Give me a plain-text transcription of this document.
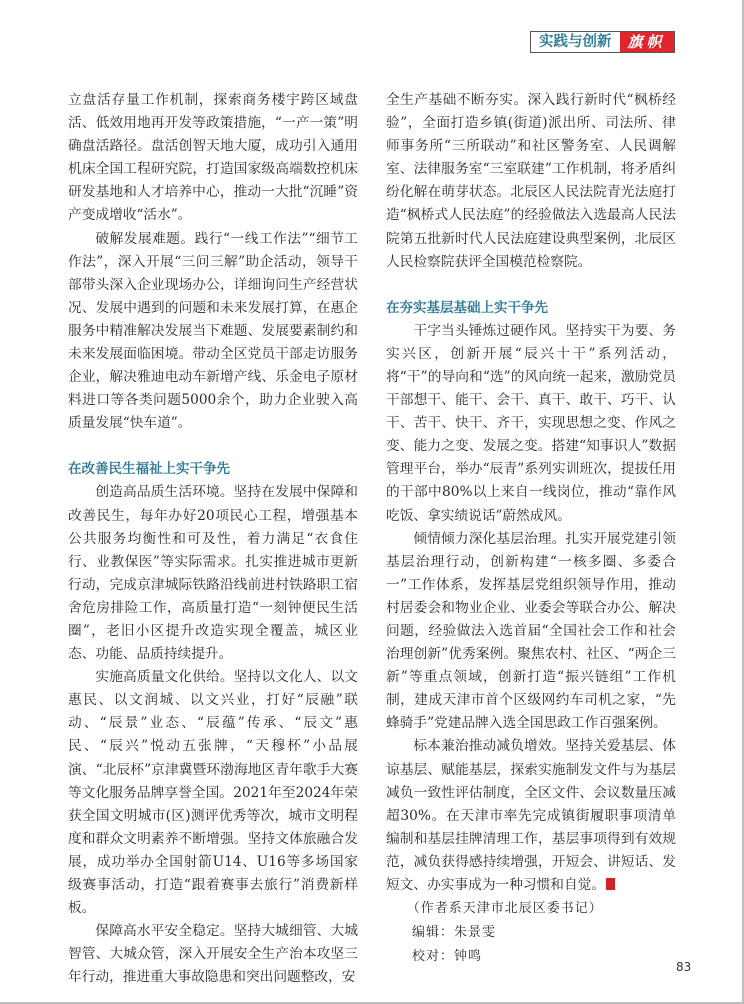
实践与创新	旗帜

立盘活存量工作机制，探索商务楼宇跨区域盘活、低效用地再开发等政策措施，“一产一策”明确盘活路径。盘活创智天地大厦，成功引入通用机床全国工程研究院，打造国家级高端数控机床研发基地和人才培养中心，推动一大批“沉睡”资产变成增收“活水”。

破解发展难题。践行“一线工作法”“细节工作法”，深入开展“三问三解”助企活动，领导干部带头深入企业现场办公，详细询问生产经营状况、发展中遇到的问题和未来发展打算，在惠企服务中精准解决发展当下难题、发展要素制约和未来发展面临困境。带动全区党员干部走访服务企业，解决雅迪电动车新增产线、乐金电子原材料进口等各类问题5000余个，助力企业驶入高质量发展“快车道”。

在改善民生福祉上实干争先

创造高品质生活环境。坚持在发展中保障和改善民生，每年办好20项民心工程，增强基本公共服务均衡性和可及性，着力满足“衣食住行、业教保医”等实际需求。扎实推进城市更新行动，完成京津城际铁路沿线前进村铁路职工宿舍危房排险工作，高质量打造“一刻钟便民生活圈”，老旧小区提升改造实现全覆盖，城区业态、功能、品质持续提升。

实施高质量文化供给。坚持以文化人、以文惠民、以文润城、以文兴业，打好“辰融”联动、“辰景”业态、“辰蕴”传承、“辰文”惠民、“辰兴”悦动五张牌，“天穆杯”小品展演、“北辰杯”京津冀暨环渤海地区青年歌手大赛等文化服务品牌享誉全国。2021年至2024年荣获全国文明城市(区)测评优秀等次，城市文明程度和群众文明素养不断增强。坚持文体旅融合发展，成功举办全国射箭U14、U16等多场国家级赛事活动，打造“跟着赛事去旅行”消费新样板。

保障高水平安全稳定。坚持大城细管、大城智管、大城众管，深入开展安全生产治本攻坚三年行动，推进重大事故隐患和突出问题整改，安

全生产基础不断夯实。深入践行新时代“枫桥经验”，全面打造乡镇(街道)派出所、司法所、律师事务所“三所联动”和社区警务室、人民调解室、法律服务室“三室联建”工作机制，将矛盾纠纷化解在萌芽状态。北辰区人民法院青光法庭打造“枫桥式人民法庭”的经验做法入选最高人民法院第五批新时代人民法庭建设典型案例，北辰区人民检察院获评全国模范检察院。

在夯实基层基础上实干争先

干字当头锤炼过硬作风。坚持实干为要、务实兴区，创新开展“辰兴十干”系列活动，将“干”的导向和“选”的风向统一起来，激励党员干部想干、能干、会干、真干、敢干、巧干、认干、苦干、快干、齐干，实现思想之变、作风之变、能力之变、发展之变。搭建“知事识人”数据管理平台，举办“辰青”系列实训班次，提拔任用的干部中80%以上来自一线岗位，推动“靠作风吃饭、拿实绩说话”蔚然成风。

倾情倾力深化基层治理。扎实开展党建引领基层治理行动，创新构建“一核多圈、多委合一”工作体系，发挥基层党组织领导作用，推动村居委会和物业企业、业委会等联合办公、解决问题，经验做法入选首届“全国社会工作和社会治理创新”优秀案例。聚焦农村、社区、“两企三新”等重点领域，创新打造“振兴链组”工作机制，建成天津市首个区级网约车司机之家，“先蜂骑手”党建品牌入选全国思政工作百强案例。

标本兼治推动减负增效。坚持关爱基层、体谅基层、赋能基层，探索实施制发文件与为基层减负一致性评估制度，全区文件、会议数量压减超30%。在天津市率先完成镇街履职事项清单编制和基层挂牌清理工作，基层事项得到有效规范，减负获得感持续增强，开短会、讲短话、发短文、办实事成为一种习惯和自觉。

（作者系天津市北辰区委书记）

编辑：朱景雯

校对：钟鸣

83
